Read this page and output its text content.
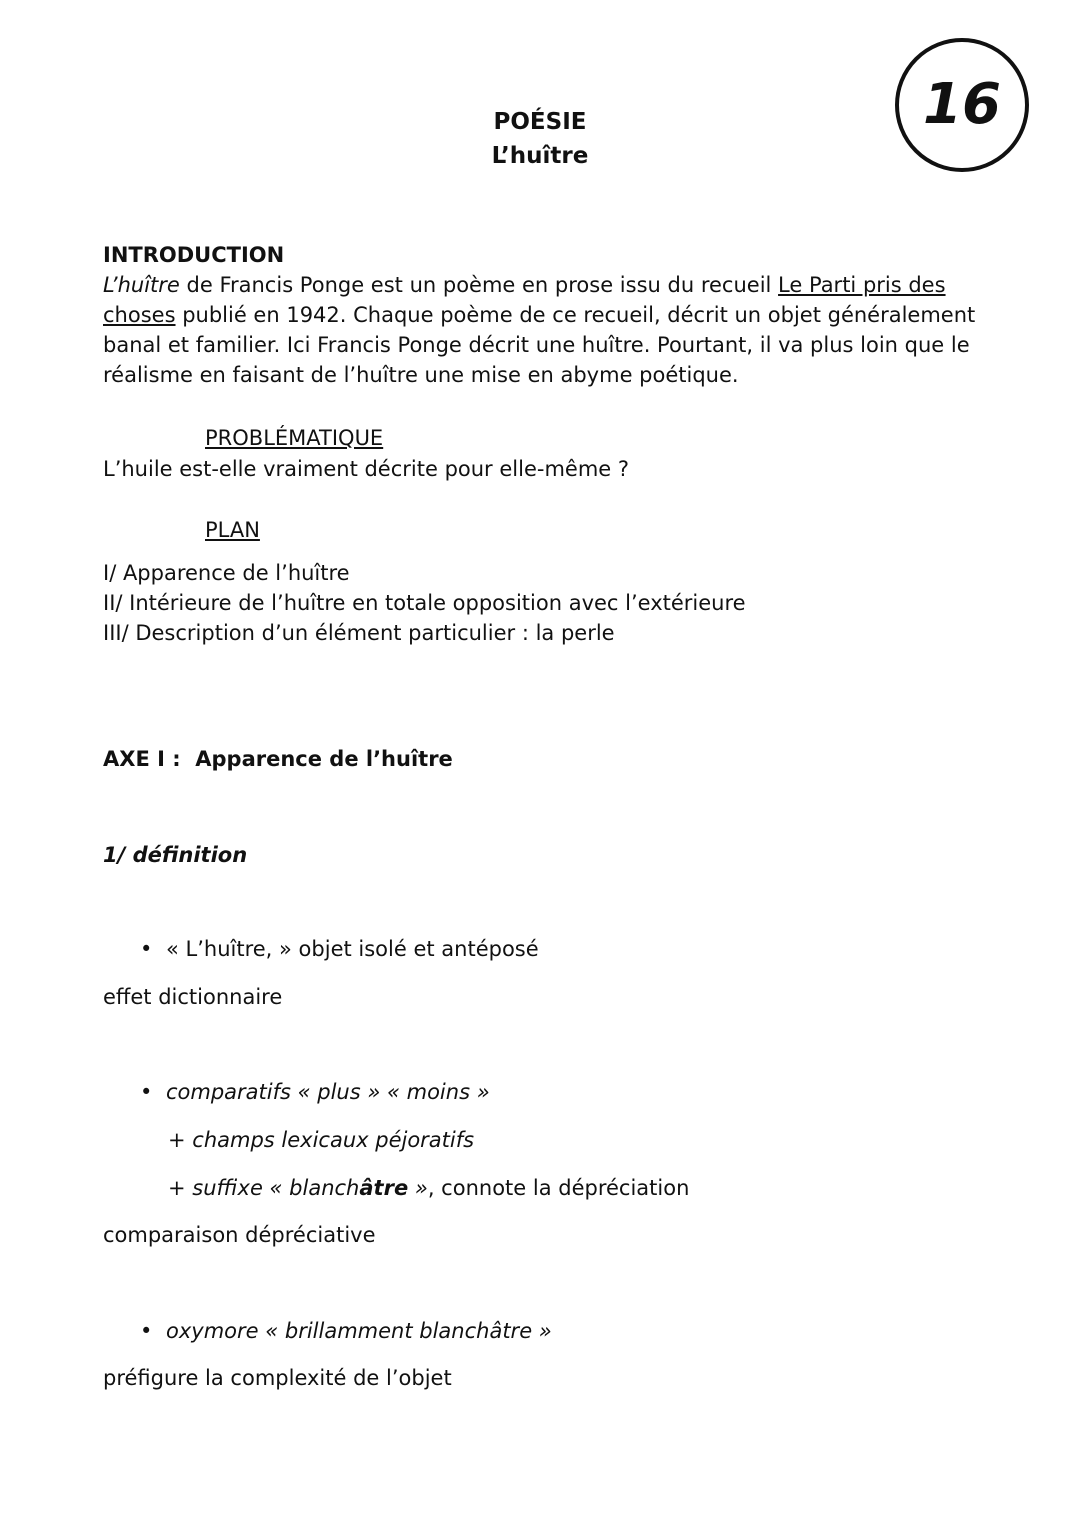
POÉSIE
L’huître
16

INTRODUCTION

L’huître de Francis Ponge est un poème en prose issu du recueil Le Parti pris des

choses publié en 1942. Chaque poème de ce recueil, décrit un objet généralement

banal et familier. Ici Francis Ponge décrit une huître. Pourtant, il va plus loin que le

réalisme en faisant de l’huître une mise en abyme poétique.

PROBLÉMATIQUE
L’huile est-elle vraiment décrite pour elle-même ?
PLAN
I/ Apparence de l’huître
II/ Intérieure de l’huître en totale opposition avec l’extérieure
III/ Description d’un élément particulier : la perle
AXE I : Apparence de l’huître
1/ définition
• « L’huître, » objet isolé et antéposé
effet dictionnaire
• comparatifs « plus » « moins »
+ champs lexicaux péjoratifs
+ suffixe « blanchâtre », connote la dépréciation
comparaison dépréciative
• oxymore « brillamment blanchâtre »
préfigure la complexité de l’objet
